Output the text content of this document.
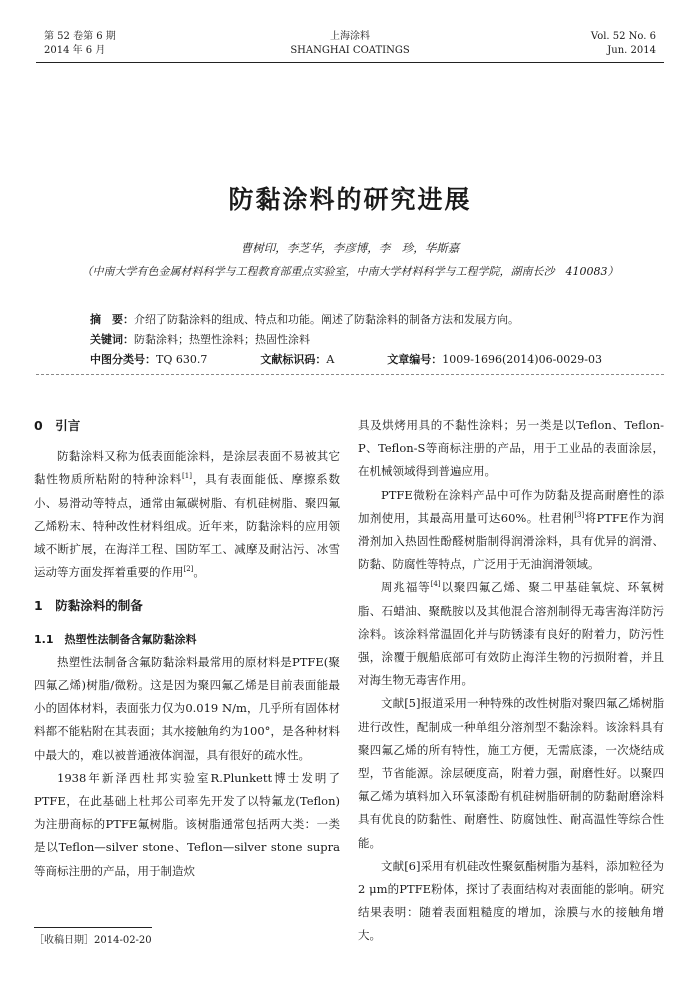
第 52 卷第 6 期
2014 年 6 月
上海涂料
SHANGHAI COATINGS
Vol. 52 No. 6
Jun. 2014
防黏涂料的研究进展
曹树印，李芝华，李彦博，李　珍，华斯嘉
（中南大学有色金属材料科学与工程教育部重点实验室，中南大学材料科学与工程学院，湖南长沙　410083）
摘　要：介绍了防黏涂料的组成、特点和功能。阐述了防黏涂料的制备方法和发展方向。
关键词：防黏涂料；热塑性涂料；热固性涂料
中图分类号：TQ 630.7	文献标识码：A	文章编号：1009-1696(2014)06-0029-03
0　引言

防黏涂料又称为低表面能涂料，是涂层表面不易被其它黏性物质所粘附的特种涂料[1]，具有表面能低、摩擦系数小、易滑动等特点，通常由氟碳树脂、有机硅树脂、聚四氟乙烯粉末、特种改性材料组成。近年来，防黏涂料的应用领域不断扩展，在海洋工程、国防军工、减摩及耐沾污、冰雪运动等方面发挥着重要的作用[2]。

1　防黏涂料的制备
1.1　热塑性法制备含氟防黏涂料

热塑性法制备含氟防黏涂料最常用的原材料是PTFE(聚四氟乙烯)树脂/微粉。这是因为聚四氟乙烯是目前表面能最小的固体材料，表面张力仅为0.019 N/m，几乎所有固体材料都不能粘附在其表面；其水接触角约为100°，是各种材料中最大的，难以被普通液体润湿，具有很好的疏水性。

1938年新泽西杜邦实验室R.Plunkett博士发明了PTFE，在此基础上杜邦公司率先开发了以特氟龙(Teflon)为注册商标的PTFE氟树脂。该树脂通常包括两大类：一类是以Teflon—silver stone、Teflon—silver stone supra等商标注册的产品，用于制造炊

具及烘烤用具的不黏性涂料；另一类是以Teflon、Teflon-P、Teflon-S等商标注册的产品，用于工业品的表面涂层，在机械领域得到普遍应用。

PTFE微粉在涂料产品中可作为防黏及提高耐磨性的添加剂使用，其最高用量可达60%。杜君俐[3]将PTFE作为润滑剂加入热固性酚醛树脂制得润滑涂料，具有优异的润滑、防黏、防腐性等特点，广泛用于无油润滑领域。

周兆福等[4]以聚四氟乙烯、聚二甲基硅氧烷、环氧树脂、石蜡油、聚酰胺以及其他混合溶剂制得无毒害海洋防污涂料。该涂料常温固化并与防锈漆有良好的附着力，防污性强，涂覆于舰船底部可有效防止海洋生物的污损附着，并且对海生物无毒害作用。

文献[5]报道采用一种特殊的改性树脂对聚四氟乙烯树脂进行改性，配制成一种单组分溶剂型不黏涂料。该涂料具有聚四氟乙烯的所有特性，施工方便，无需底漆，一次烧结成型，节省能源。涂层硬度高，附着力强，耐磨性好。以聚四氟乙烯为填料加入环氧漆酚有机硅树脂研制的防黏耐磨涂料具有优良的防黏性、耐磨性、防腐蚀性、耐高温性等综合性能。

文献[6]采用有机硅改性聚氨酯树脂为基料，添加粒径为2 μm的PTFE粉体，探讨了表面结构对表面能的影响。研究结果表明：随着表面粗糙度的增加，涂膜与水的接触角增大。

［收稿日期］2014-02-20
